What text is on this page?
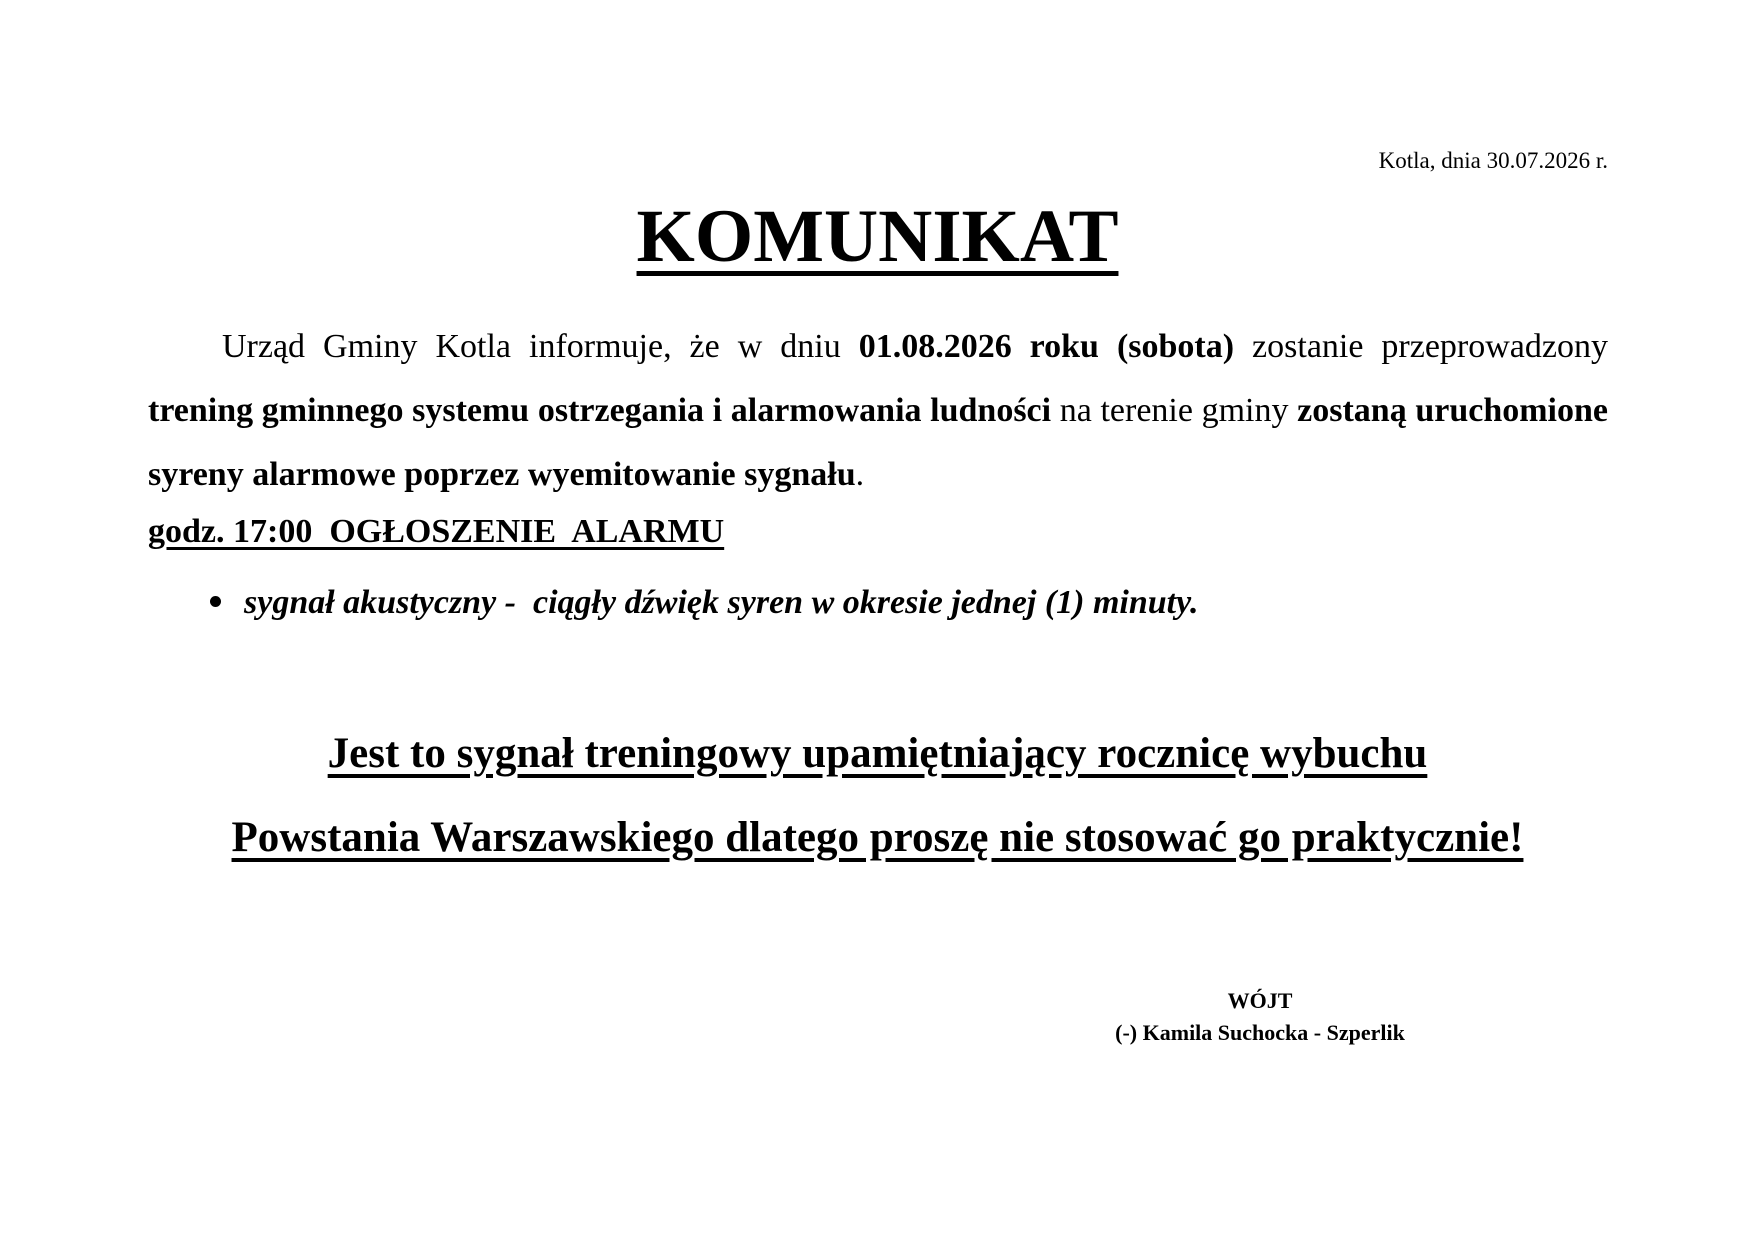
Kotla, dnia 30.07.2026 r.
KOMUNIKAT

Urząd Gminy Kotla informuje, że w dniu 01.08.2026 roku (sobota) zostanie przeprowadzony trening gminnego systemu ostrzegania i alarmowania ludności na terenie gminy zostaną uruchomione syreny alarmowe poprzez wyemitowanie sygnału.

godz. 17:00  OGŁOSZENIE  ALARMU
sygnał akustyczny -  ciągły dźwięk syren w okresie jednej (1) minuty.
Jest to sygnał treningowy upamiętniający rocznicę wybuchu
Powstania Warszawskiego dlatego proszę nie stosować go praktycznie!
WÓJT
(-) Kamila Suchocka - Szperlik
